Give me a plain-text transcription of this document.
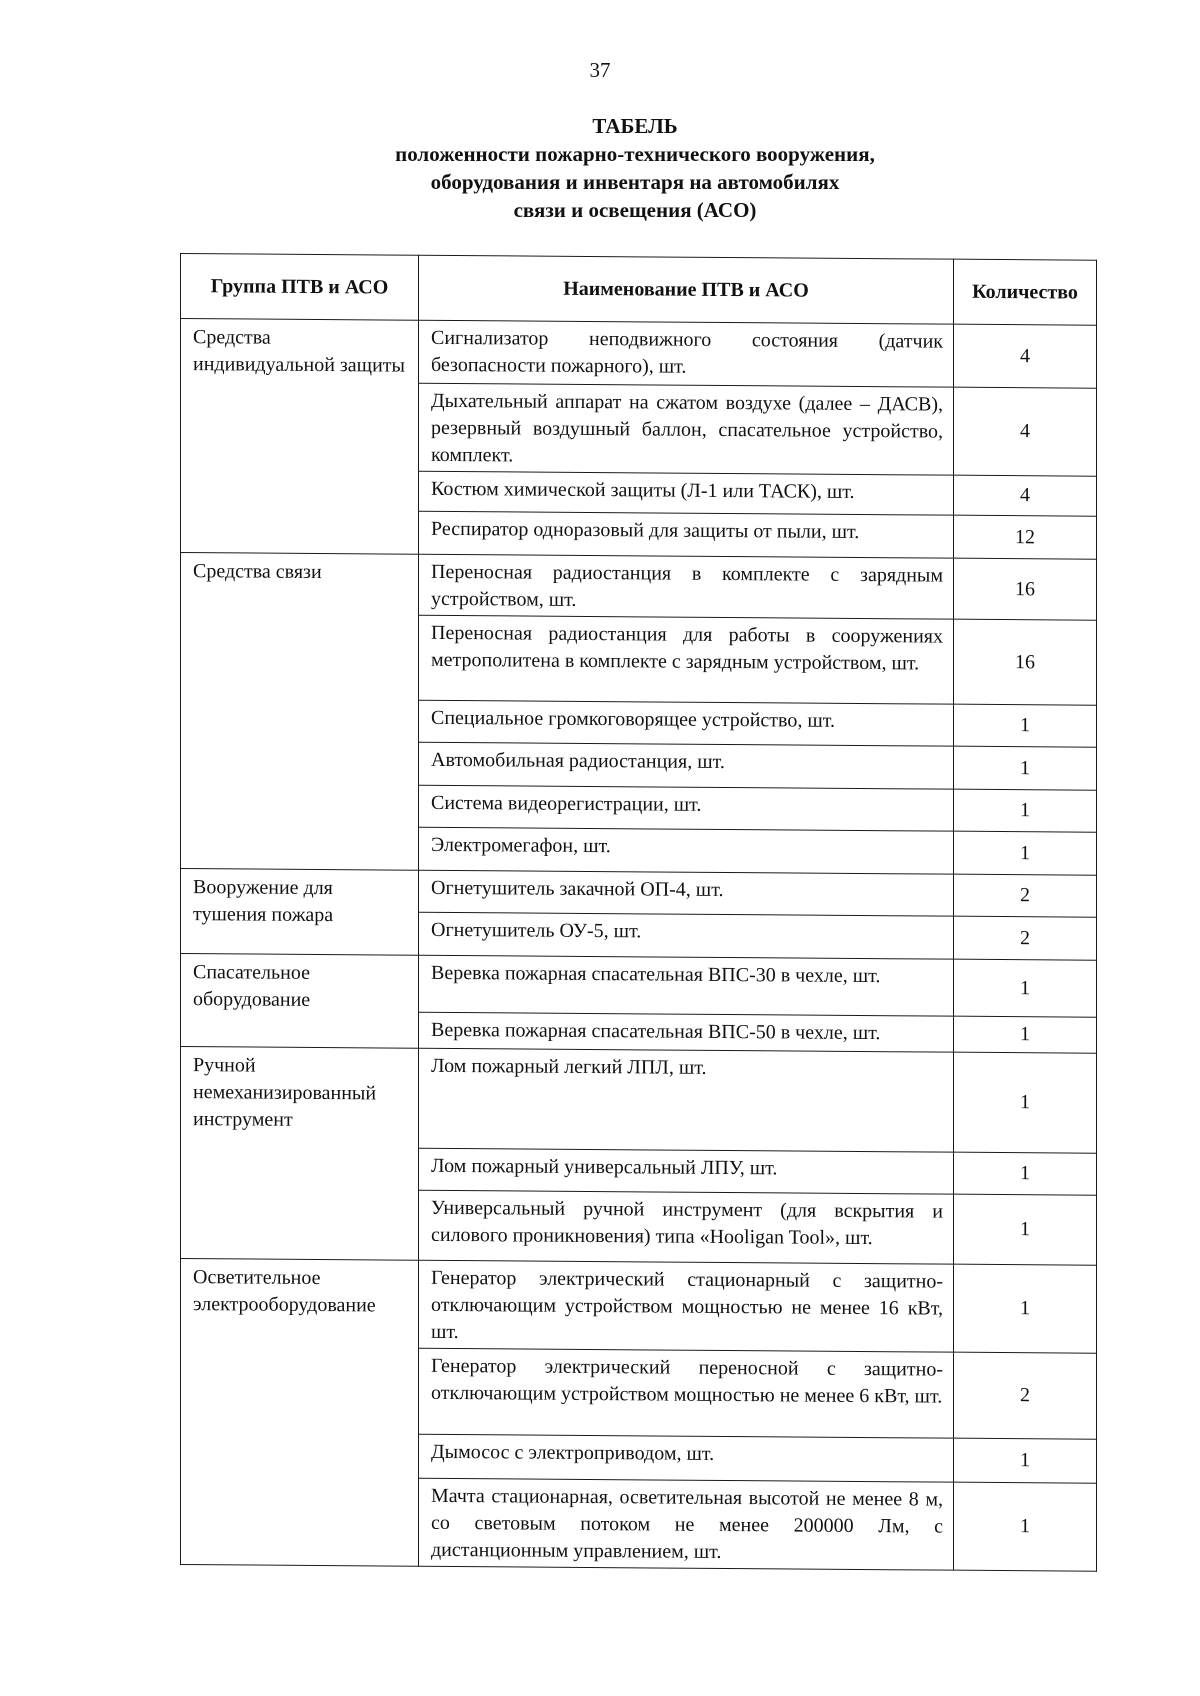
37
ТАБЕЛЬ
положенности пожарно-технического вооружения,
оборудования и инвентаря на автомобилях
связи и освещения (АСО)
Группа ПТВ и АСО	Наименование ПТВ и АСО	Количество
Средства индивидуальной защиты	Сигнализатор неподвижного состояния (датчик безопасности пожарного), шт.	4
	Дыхательный аппарат на сжатом воздухе (далее – ДАСВ), резервный воздушный баллон, спасательное устройство, комплект.	4
	Костюм химической защиты (Л-1 или ТАСК), шт.	4
	Респиратор одноразовый для защиты от пыли, шт.	12
Средства связи	Переносная радиостанция в комплекте с зарядным устройством, шт.	16
	Переносная радиостанция для работы в сооружениях метрополитена в комплекте с зарядным устройством, шт.	16
	Специальное громкоговорящее устройство, шт.	1
	Автомобильная радиостанция, шт.	1
	Система видеорегистрации, шт.	1
	Электромегафон, шт.	1
Вооружение для тушения пожара	Огнетушитель закачной ОП-4, шт.	2
	Огнетушитель ОУ-5, шт.	2
Спасательное оборудование	Веревка пожарная спасательная ВПС-30 в чехле, шт.	1
	Веревка пожарная спасательная ВПС-50 в чехле, шт.	1
Ручной немеханизированный инструмент	Лом пожарный легкий ЛПЛ, шт.	1
	Лом пожарный универсальный ЛПУ, шт.	1
	Универсальный ручной инструмент (для вскрытия и силового проникновения) типа «Hooligan Tool», шт.	1
Осветительное электрооборудование	Генератор электрический стационарный с защитно-отключающим устройством мощностью не менее 16 кВт, шт.	1
	Генератор электрический переносной с защитно-отключающим устройством мощностью не менее 6 кВт, шт.	2
	Дымосос с электроприводом, шт.	1
	Мачта стационарная, осветительная высотой не менее 8 м, со световым потоком не менее 200000 Лм, с дистанционным управлением, шт.	1
